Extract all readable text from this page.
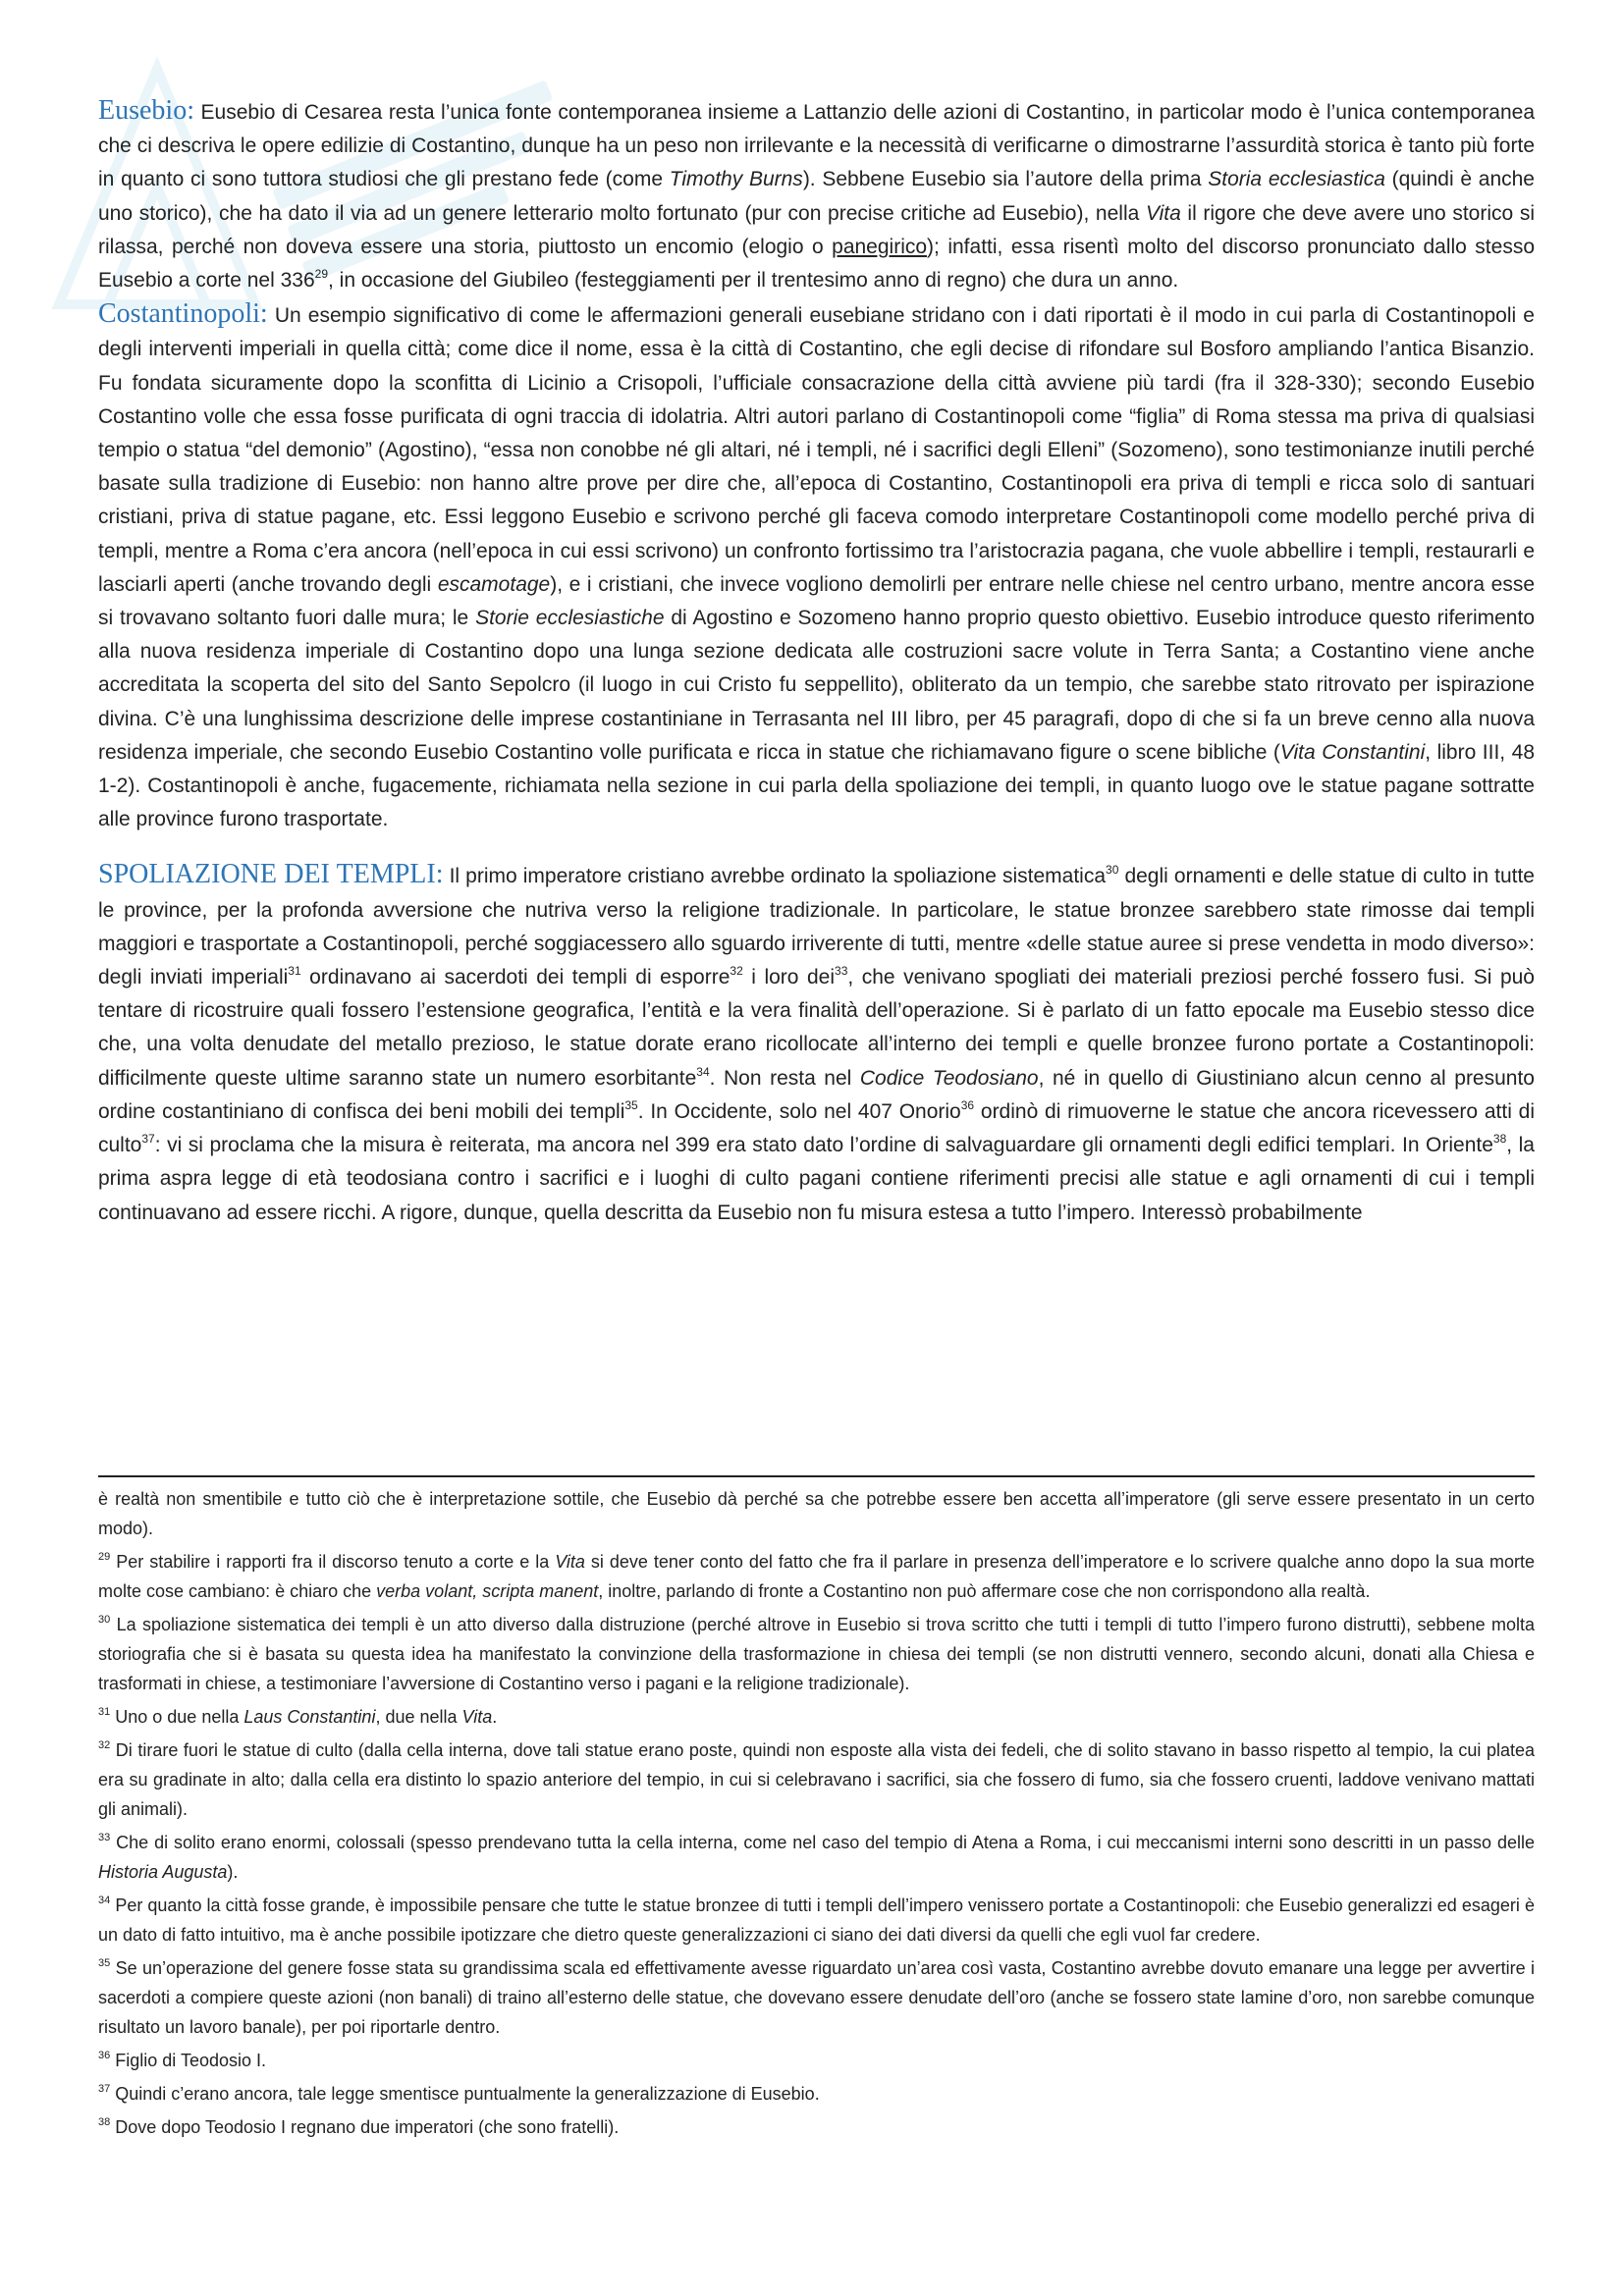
Eusebio: Eusebio di Cesarea resta l’unica fonte contemporanea insieme a Lattanzio delle azioni di Costantino, in particolar modo è l’unica contemporanea che ci descriva le opere edilizie di Costantino, dunque ha un peso non irrilevante e la necessità di verificarne o dimostrarne l’assurdità storica è tanto più forte in quanto ci sono tuttora studiosi che gli prestano fede (come Timothy Burns). Sebbene Eusebio sia l’autore della prima Storia ecclesiastica (quindi è anche uno storico), che ha dato il via ad un genere letterario molto fortunato (pur con precise critiche ad Eusebio), nella Vita il rigore che deve avere uno storico si rilassa, perché non doveva essere una storia, piuttosto un encomio (elogio o panegirico); infatti, essa risentì molto del discorso pronunciato dallo stesso Eusebio a corte nel $336^{29}$, in occasione del Giubileo (festeggiamenti per il trentesimo anno di regno) che dura un anno.

Costantinopoli: Un esempio significativo di come le affermazioni generali eusebiane stridano con i dati riportati è il modo in cui parla di Costantinopoli e degli interventi imperiali in quella città; come dice il nome, essa è la città di Costantino, che egli decise di rifondare sul Bosforo ampliando l’antica Bisanzio. Fu fondata sicuramente dopo la sconfitta di Licinio a Crisopoli, l’ufficiale consacrazione della città avviene più tardi (fra il 328-330); secondo Eusebio Costantino volle che essa fosse purificata di ogni traccia di idolatria. Altri autori parlano di Costantinopoli come “figlia” di Roma stessa ma priva di qualsiasi tempio o statua “del demonio” (Agostino), “essa non conobbe né gli altari, né i templi, né i sacrifici degli Elleni” (Sozomeno), sono testimonianze inutili perché basate sulla tradizione di Eusebio: non hanno altre prove per dire che, all’epoca di Costantino, Costantinopoli era priva di templi e ricca solo di santuari cristiani, priva di statue pagane, etc. Essi leggono Eusebio e scrivono perché gli faceva comodo interpretare Costantinopoli come modello perché priva di templi, mentre a Roma c’era ancora (nell’epoca in cui essi scrivono) un confronto fortissimo tra l’aristocrazia pagana, che vuole abbellire i templi, restaurarli e lasciarli aperti (anche trovando degli escamotage), e i cristiani, che invece vogliono demolirli per entrare nelle chiese nel centro urbano, mentre ancora esse si trovavano soltanto fuori dalle mura; le Storie ecclesiastiche di Agostino e Sozomeno hanno proprio questo obiettivo. Eusebio introduce questo riferimento alla nuova residenza imperiale di Costantino dopo una lunga sezione dedicata alle costruzioni sacre volute in Terra Santa; a Costantino viene anche accreditata la scoperta del sito del Santo Sepolcro (il luogo in cui Cristo fu seppellito), obliterato da un tempio, che sarebbe stato ritrovato per ispirazione divina. C’è una lunghissima descrizione delle imprese costantiniane in Terrasanta nel III libro, per 45 paragrafi, dopo di che si fa un breve cenno alla nuova residenza imperiale, che secondo Eusebio Costantino volle purificata e ricca in statue che richiamavano figure o scene bibliche (Vita Constantini, libro III, 48 1-2). Costantinopoli è anche, fugacemente, richiamata nella sezione in cui parla della spoliazione dei templi, in quanto luogo ove le statue pagane sottratte alle province furono trasportate.

SPOLIAZIONE DEI TEMPLI: Il primo imperatore cristiano avrebbe ordinato la spoliazione sistematica$^{30}$ degli ornamenti e delle statue di culto in tutte le province, per la profonda avversione che nutriva verso la religione tradizionale. In particolare, le statue bronzee sarebbero state rimosse dai templi maggiori e trasportate a Costantinopoli, perché soggiacessero allo sguardo irriverente di tutti, mentre «delle statue auree si prese vendetta in modo diverso»: degli inviati imperiali$^{31}$ ordinavano ai sacerdoti dei templi di esporre$^{32}$ i loro dei$^{33}$, che venivano spogliati dei materiali preziosi perché fossero fusi. Si può tentare di ricostruire quali fossero l’estensione geografica, l’entità e la vera finalità dell’operazione. Si è parlato di un fatto epocale ma Eusebio stesso dice che, una volta denudate del metallo prezioso, le statue dorate erano ricollocate all’interno dei templi e quelle bronzee furono portate a Costantinopoli: difficilmente queste ultime saranno state un numero esorbitante$^{34}$. Non resta nel Codice Teodosiano, né in quello di Giustiniano alcun cenno al presunto ordine costantiniano di confisca dei beni mobili dei templi$^{35}$. In Occidente, solo nel 407 Onorio$^{36}$ ordinò di rimuoverne le statue che ancora ricevessero atti di culto$^{37}$: vi si proclama che la misura è reiterata, ma ancora nel 399 era stato dato l’ordine di salvaguardare gli ornamenti degli edifici templari. In Oriente$^{38}$, la prima aspra legge di età teodosiana contro i sacrifici e i luoghi di culto pagani contiene riferimenti precisi alle statue e agli ornamenti di cui i templi continuavano ad essere ricchi. A rigore, dunque, quella descritta da Eusebio non fu misura estesa a tutto l’impero. Interessò probabilmente

è realtà non smentibile e tutto ciò che è interpretazione sottile, che Eusebio dà perché sa che potrebbe essere ben accetta all’imperatore (gli serve essere presentato in un certo modo).

$^{29}$ Per stabilire i rapporti fra il discorso tenuto a corte e la Vita si deve tener conto del fatto che fra il parlare in presenza dell’imperatore e lo scrivere qualche anno dopo la sua morte molte cose cambiano: è chiaro che verba volant, scripta manent, inoltre, parlando di fronte a Costantino non può affermare cose che non corrispondono alla realtà.

$^{30}$ La spoliazione sistematica dei templi è un atto diverso dalla distruzione (perché altrove in Eusebio si trova scritto che tutti i templi di tutto l’impero furono distrutti), sebbene molta storiografia che si è basata su questa idea ha manifestato la convinzione della trasformazione in chiesa dei templi (se non distrutti vennero, secondo alcuni, donati alla Chiesa e trasformati in chiese, a testimoniare l’avversione di Costantino verso i pagani e la religione tradizionale).

$^{31}$ Uno o due nella Laus Constantini, due nella Vita.

$^{32}$ Di tirare fuori le statue di culto (dalla cella interna, dove tali statue erano poste, quindi non esposte alla vista dei fedeli, che di solito stavano in basso rispetto al tempio, la cui platea era su gradinate in alto; dalla cella era distinto lo spazio anteriore del tempio, in cui si celebravano i sacrifici, sia che fossero di fumo, sia che fossero cruenti, laddove venivano mattati gli animali).

$^{33}$ Che di solito erano enormi, colossali (spesso prendevano tutta la cella interna, come nel caso del tempio di Atena a Roma, i cui meccanismi interni sono descritti in un passo delle Historia Augusta).

$^{34}$ Per quanto la città fosse grande, è impossibile pensare che tutte le statue bronzee di tutti i templi dell’impero venissero portate a Costantinopoli: che Eusebio generalizzi ed esageri è un dato di fatto intuitivo, ma è anche possibile ipotizzare che dietro queste generalizzazioni ci siano dei dati diversi da quelli che egli vuol far credere.

$^{35}$ Se un’operazione del genere fosse stata su grandissima scala ed effettivamente avesse riguardato un’area così vasta, Costantino avrebbe dovuto emanare una legge per avvertire i sacerdoti a compiere queste azioni (non banali) di traino all’esterno delle statue, che dovevano essere denudate dell’oro (anche se fossero state lamine d’oro, non sarebbe comunque risultato un lavoro banale), per poi riportarle dentro.

$^{36}$ Figlio di Teodosio I.

$^{37}$ Quindi c’erano ancora, tale legge smentisce puntualmente la generalizzazione di Eusebio.

$^{38}$ Dove dopo Teodosio I regnano due imperatori (che sono fratelli).
